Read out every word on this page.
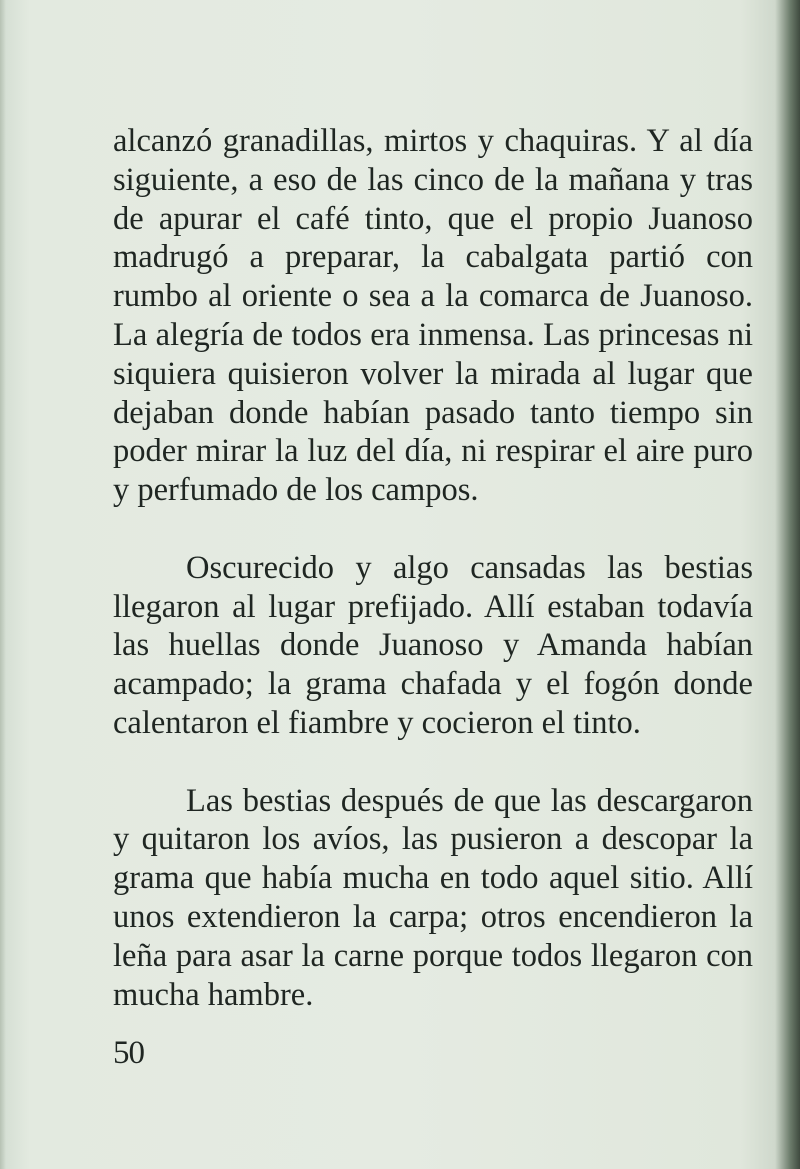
alcanzó granadillas, mirtos y chaquiras. Y al día siguiente, a eso de las cinco de la mañana y tras de apurar el café tinto, que el propio Juanoso madrugó a preparar, la cabalgata partió con rumbo al oriente o sea a la comarca de Juanoso. La alegría de todos era inmensa. Las princesas ni siquiera quisieron volver la mirada al lugar que dejaban donde habían pasado tanto tiempo sin poder mirar la luz del día, ni respirar el aire puro y perfumado de los campos.

Oscurecido y algo cansadas las bestias llegaron al lugar prefijado. Allí estaban todavía las huellas donde Juanoso y Amanda habían acampado; la grama chafada y el fogón donde calentaron el fiambre y cocieron el tinto.

Las bestias después de que las descargaron y quitaron los avíos, las pusieron a descopar la grama que había mucha en todo aquel sitio. Allí unos extendieron la carpa; otros encendieron la leña para asar la carne porque todos llegaron con mucha hambre.

50
